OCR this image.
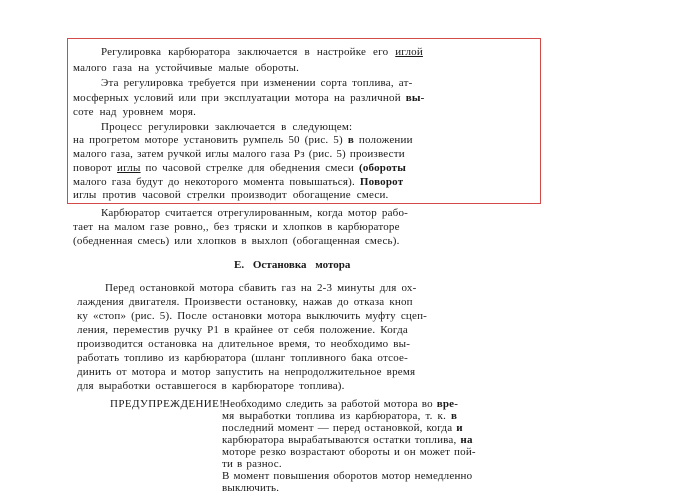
Регулировка карбюратора заключается в настройке его иглой
малого газа на устойчивые малые обороты.
Эта регулировка требуется при изменении сорта топлива, ат-
мосферных условий или при эксплуатации мотора на различной вы-
соте над уровнем моря.
Процесс регулировки заключается в следующем:
на прогретом моторе установить румпель 50 (рис. 5) в положении
малого газа, затем ручкой иглы малого газа Рз (рис. 5) произвести
поворот иглы по часовой стрелке для обеднения смеси (обороты
малого газа будут до некоторого момента повышаться). Поворот
иглы против часовой стрелки производит обогащение смеси.
Карбюратор считается отрегулированным, когда мотор рабо-
тает на малом газе ровно,, без тряски и хлопков в карбюраторе
(обедненная смесь) или хлопков в выхлоп (обогащенная смесь).
Е. Остановка мотора
Перед остановкой мотора сбавить газ на 2-3 минуты для ох-
лаждения двигателя. Произвести остановку, нажав до отказа кноп
ку «стоп» (рис. 5). После остановки мотора выключить муфту сцеп-
ления, переместив ручку Р1 в крайнее от себя положение. Когда
производится остановка на длительное время, то необходимо вы-
работать топливо из карбюратора (шланг топливного бака отсое-
динить от мотора и мотор запустить на непродолжительное время
для выработки оставшегося в карбюраторе топлива).
ПРЕДУПРЕЖДЕНИЕ!
Необходимо следить за работой мотора во вре-
мя выработки топлива из карбюратора, т. к. в
последний момент — перед остановкой, когда и
карбюратора вырабатываются остатки топлива, на
моторе резко возрастают обороты и он может пой-
ти в разнос.
В момент повышения оборотов мотор немедленно
выключить.
